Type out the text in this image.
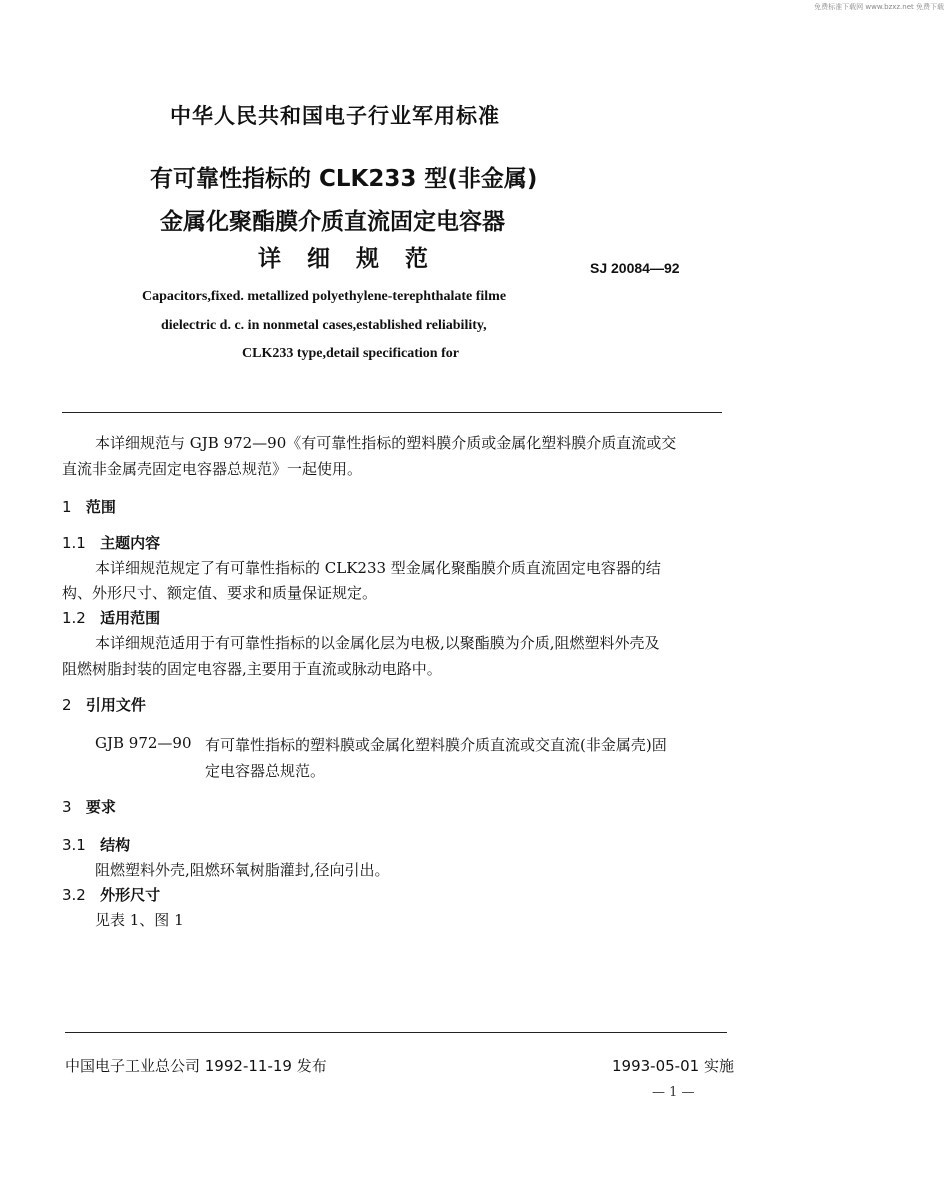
免费标准下载网 www.bzxz.net 免费下载
中华人民共和国电子行业军用标准
有可靠性指标的 CLK233 型(非金属)
金属化聚酯膜介质直流固定电容器
详细规范	SJ 20084—92
Capacitors,fixed. metallized polyethylene-terephthalate filme
dielectric d. c. in nonmetal cases,established reliability,
CLK233 type,detail specification for
本详细规范与 GJB 972—90《有可靠性指标的塑料膜介质或金属化塑料膜介质直流或交
直流非金属壳固定电容器总规范》一起使用。
1 范围
1.1 主题内容
本详细规范规定了有可靠性指标的 CLK233 型金属化聚酯膜介质直流固定电容器的结
构、外形尺寸、额定值、要求和质量保证规定。
1.2 适用范围
本详细规范适用于有可靠性指标的以金属化层为电极,以聚酯膜为介质,阻燃塑料外壳及
阻燃树脂封装的固定电容器,主要用于直流或脉动电路中。
2 引用文件
GJB 972—90 有可靠性指标的塑料膜或金属化塑料膜介质直流或交直流(非金属壳)固
定电容器总规范。
3 要求
3.1 结构
阻燃塑料外壳,阻燃环氧树脂灌封,径向引出。
3.2 外形尺寸
见表 1、图 1
中国电子工业总公司 1992-11-19 发布	1993-05-01 实施
— 1 —
